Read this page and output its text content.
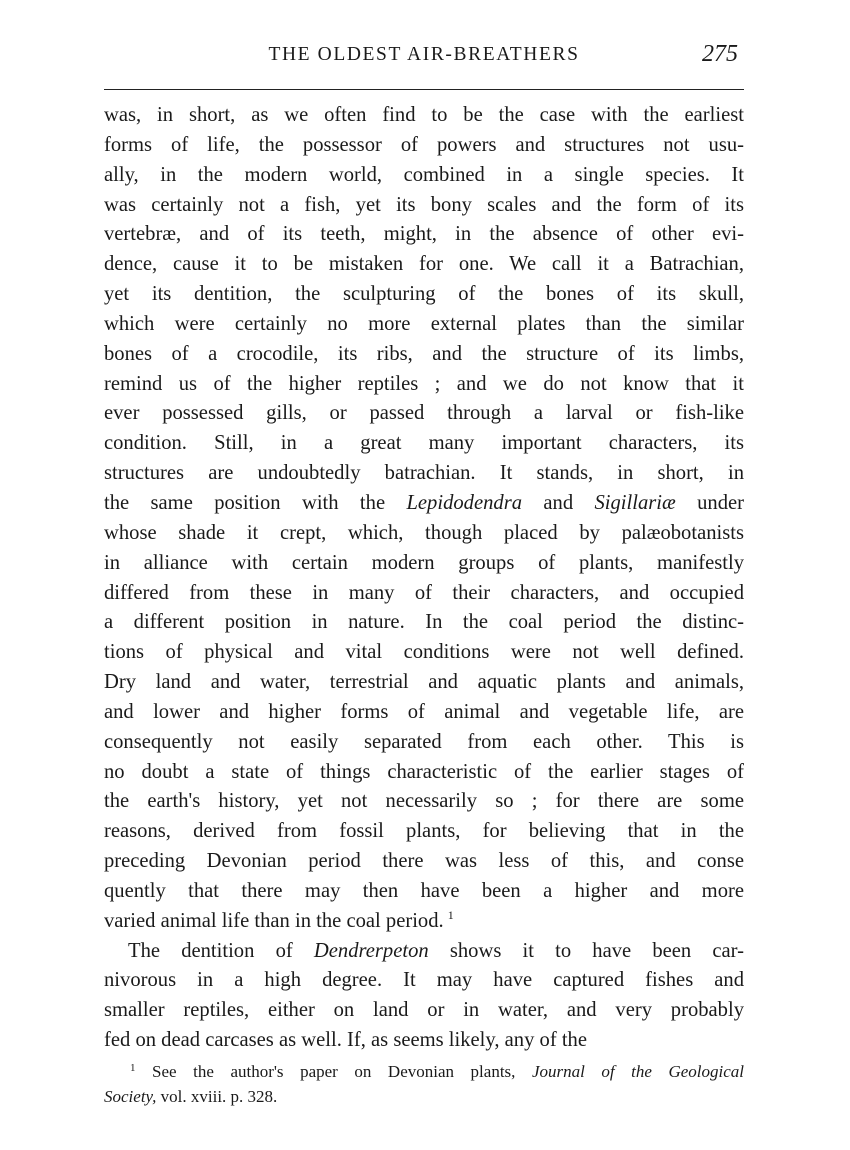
THE OLDEST AIR-BREATHERS	275
was, in short, as we often find to be the case with the earliest
forms of life, the possessor of powers and structures not usu-
ally, in the modern world, combined in a single species. It
was certainly not a fish, yet its bony scales and the form of its
vertebræ, and of its teeth, might, in the absence of other evi-
dence, cause it to be mistaken for one. We call it a Batrachian,
yet its dentition, the sculpturing of the bones of its skull,
which were certainly no more external plates than the similar
bones of a crocodile, its ribs, and the structure of its limbs,
remind us of the higher reptiles ; and we do not know that it
ever possessed gills, or passed through a larval or fish-like
condition. Still, in a great many important characters, its
structures are undoubtedly batrachian. It stands, in short, in
the same position with the Lepidodendra and Sigillariæ under
whose shade it crept, which, though placed by palæobotanists
in alliance with certain modern groups of plants, manifestly
differed from these in many of their characters, and occupied
a different position in nature. In the coal period the distinc-
tions of physical and vital conditions were not well defined.
Dry land and water, terrestrial and aquatic plants and animals,
and lower and higher forms of animal and vegetable life, are
consequently not easily separated from each other. This is
no doubt a state of things characteristic of the earlier stages of
the earth's history, yet not necessarily so ; for there are some
reasons, derived from fossil plants, for believing that in the
preceding Devonian period there was less of this, and conse
quently that there may then have been a higher and more
varied animal life than in the coal period.  $^1$
The dentition of Dendrerpeton shows it to have been car-
nivorous in a high degree. It may have captured fishes and
smaller reptiles, either on land or in water, and very probably
fed on dead carcases as well. If, as seems likely, any of the
$^1$ See the author's paper on Devonian plants, Journal of the Geological
Society, vol. xviii. p. 328.
